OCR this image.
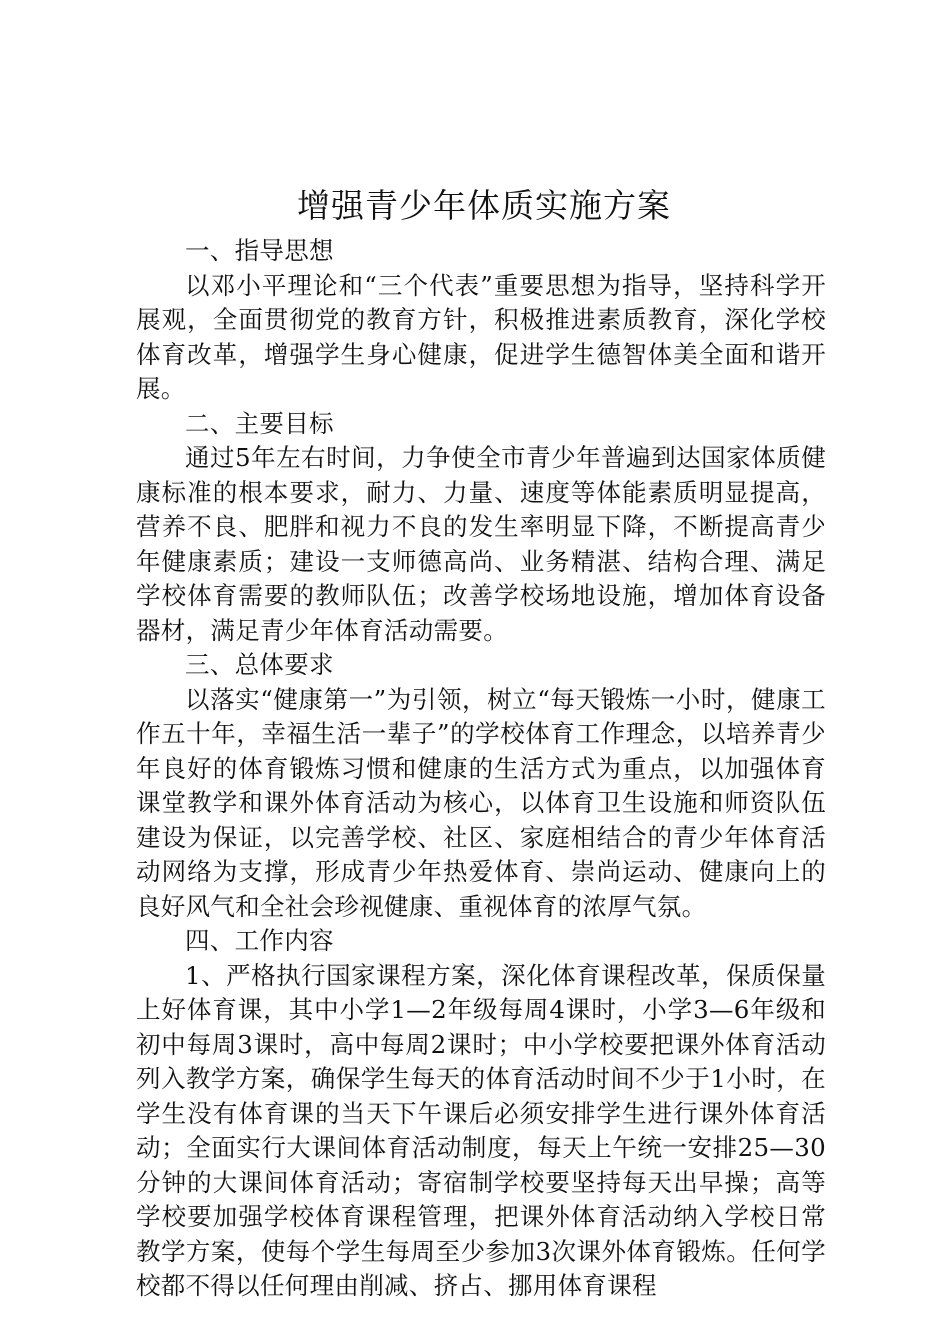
增强青少年体质实施方案

一、指导思想

以邓小平理论和“三个代表”重要思想为指导，坚持科学开展观，全面贯彻党的教育方针，积极推进素质教育，深化学校体育改革，增强学生身心健康，促进学生德智体美全面和谐开展。

二、主要目标

通过5年左右时间，力争使全市青少年普遍到达国家体质健康标准的根本要求，耐力、力量、速度等体能素质明显提高，营养不良、肥胖和视力不良的发生率明显下降，不断提高青少年健康素质；建设一支师德高尚、业务精湛、结构合理、满足学校体育需要的教师队伍；改善学校场地设施，增加体育设备器材，满足青少年体育活动需要。

三、总体要求

以落实“健康第一”为引领，树立“每天锻炼一小时，健康工作五十年，幸福生活一辈子”的学校体育工作理念，以培养青少年良好的体育锻炼习惯和健康的生活方式为重点，以加强体育课堂教学和课外体育活动为核心，以体育卫生设施和师资队伍建设为保证，以完善学校、社区、家庭相结合的青少年体育活动网络为支撑，形成青少年热爱体育、崇尚运动、健康向上的良好风气和全社会珍视健康、重视体育的浓厚气氛。

四、工作内容

1、严格执行国家课程方案，深化体育课程改革，保质保量上好体育课，其中小学1—2年级每周4课时，小学3—6年级和初中每周3课时，高中每周2课时；中小学校要把课外体育活动列入教学方案，确保学生每天的体育活动时间不少于1小时，在学生没有体育课的当天下午课后必须安排学生进行课外体育活动；全面实行大课间体育活动制度，每天上午统一安排25—30分钟的大课间体育活动；寄宿制学校要坚持每天出早操；高等学校要加强学校体育课程管理，把课外体育活动纳入学校日常教学方案，使每个学生每周至少参加3次课外体育锻炼。任何学校都不得以任何理由削减、挤占、挪用体育课程
